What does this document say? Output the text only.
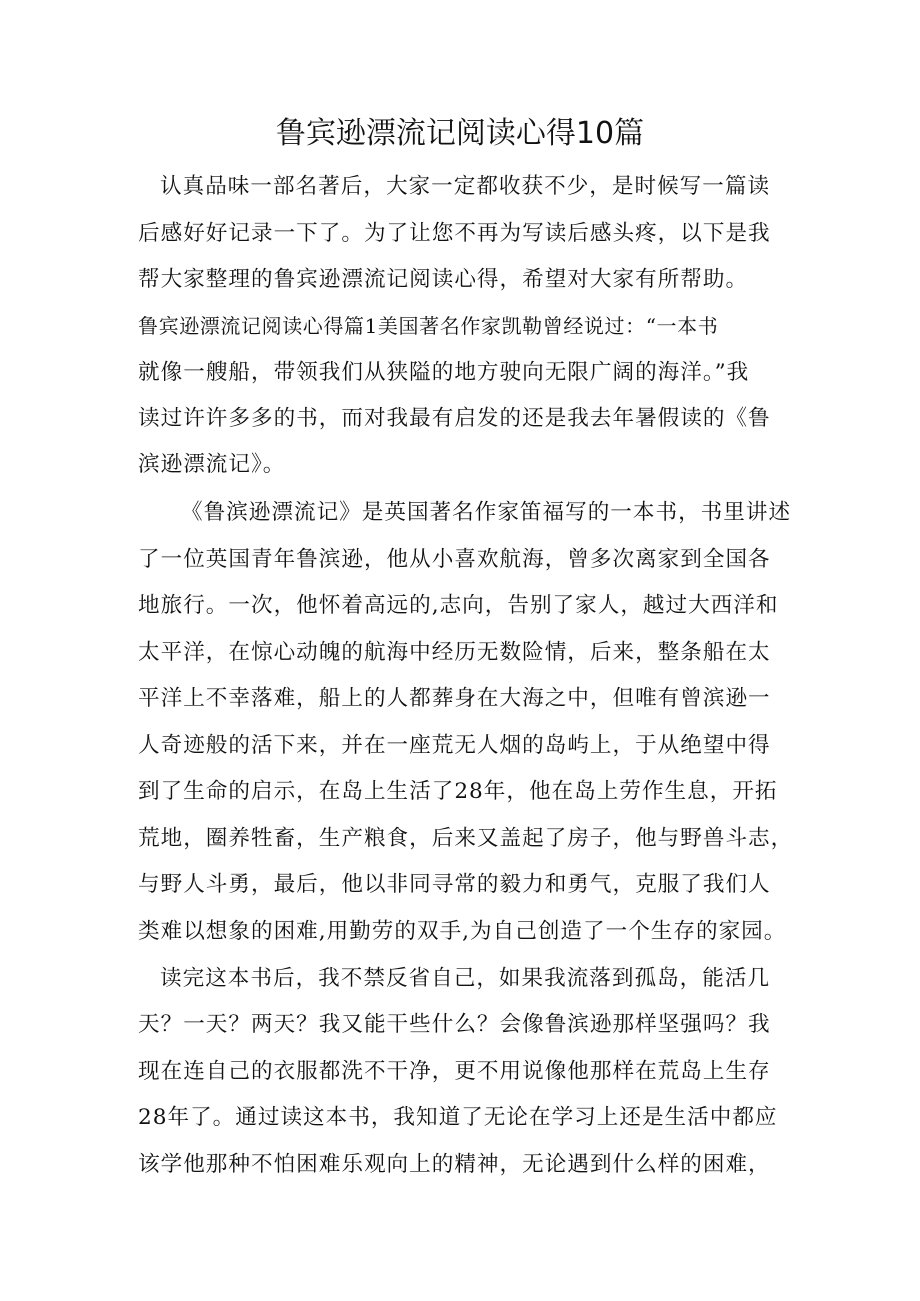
鲁宾逊漂流记阅读心得10篇
认真品味一部名著后，大家一定都收获不少，是时候写一篇读
后感好好记录一下了。为了让您不再为写读后感头疼，以下是我
帮大家整理的鲁宾逊漂流记阅读心得，希望对大家有所帮助。
鲁宾逊漂流记阅读心得篇1美国著名作家凯勒曾经说过：“一本书
就像一艘船，带领我们从狭隘的地方驶向无限广阔的海洋。”我
读过许许多多的书，而对我最有启发的还是我去年暑假读的《鲁
滨逊漂流记》。
《鲁滨逊漂流记》是英国著名作家笛福写的一本书，书里讲述
了一位英国青年鲁滨逊，他从小喜欢航海，曾多次离家到全国各
地旅行。一次，他怀着高远的,志向，告别了家人，越过大西洋和
太平洋，在惊心动魄的航海中经历无数险情，后来，整条船在太
平洋上不幸落难，船上的人都葬身在大海之中，但唯有曾滨逊一
人奇迹般的活下来，并在一座荒无人烟的岛屿上，于从绝望中得
到了生命的启示，在岛上生活了28年，他在岛上劳作生息，开拓
荒地，圈养牲畜，生产粮食，后来又盖起了房子，他与野兽斗志，
与野人斗勇，最后，他以非同寻常的毅力和勇气，克服了我们人
类难以想象的困难,用勤劳的双手,为自己创造了一个生存的家园。
读完这本书后，我不禁反省自己，如果我流落到孤岛，能活几
天？一天？两天？我又能干些什么？会像鲁滨逊那样坚强吗？我
现在连自己的衣服都洗不干净，更不用说像他那样在荒岛上生存
28年了。通过读这本书，我知道了无论在学习上还是生活中都应
该学他那种不怕困难乐观向上的精神，无论遇到什么样的困难，
